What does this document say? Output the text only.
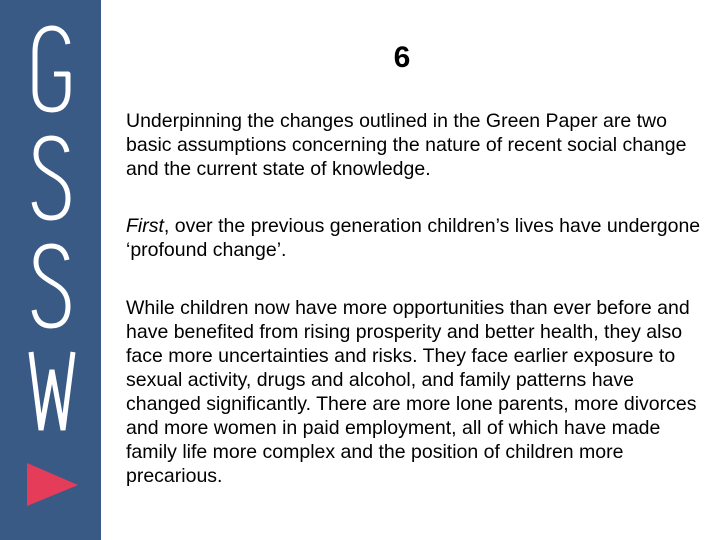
6

Underpinning the changes outlined in the Green Paper are two basic assumptions concerning the nature of recent social change and the current state of knowledge.

First, over the previous generation children’s lives have undergone ‘profound change’.

While children now have more opportunities than ever before and have benefited from rising prosperity and better health, they also face more uncertainties and risks. They face earlier exposure to sexual activity, drugs and alcohol, and family patterns have changed significantly. There are more lone parents, more divorces and more women in paid employment, all of which have made family life more complex and the position of children more precarious.
